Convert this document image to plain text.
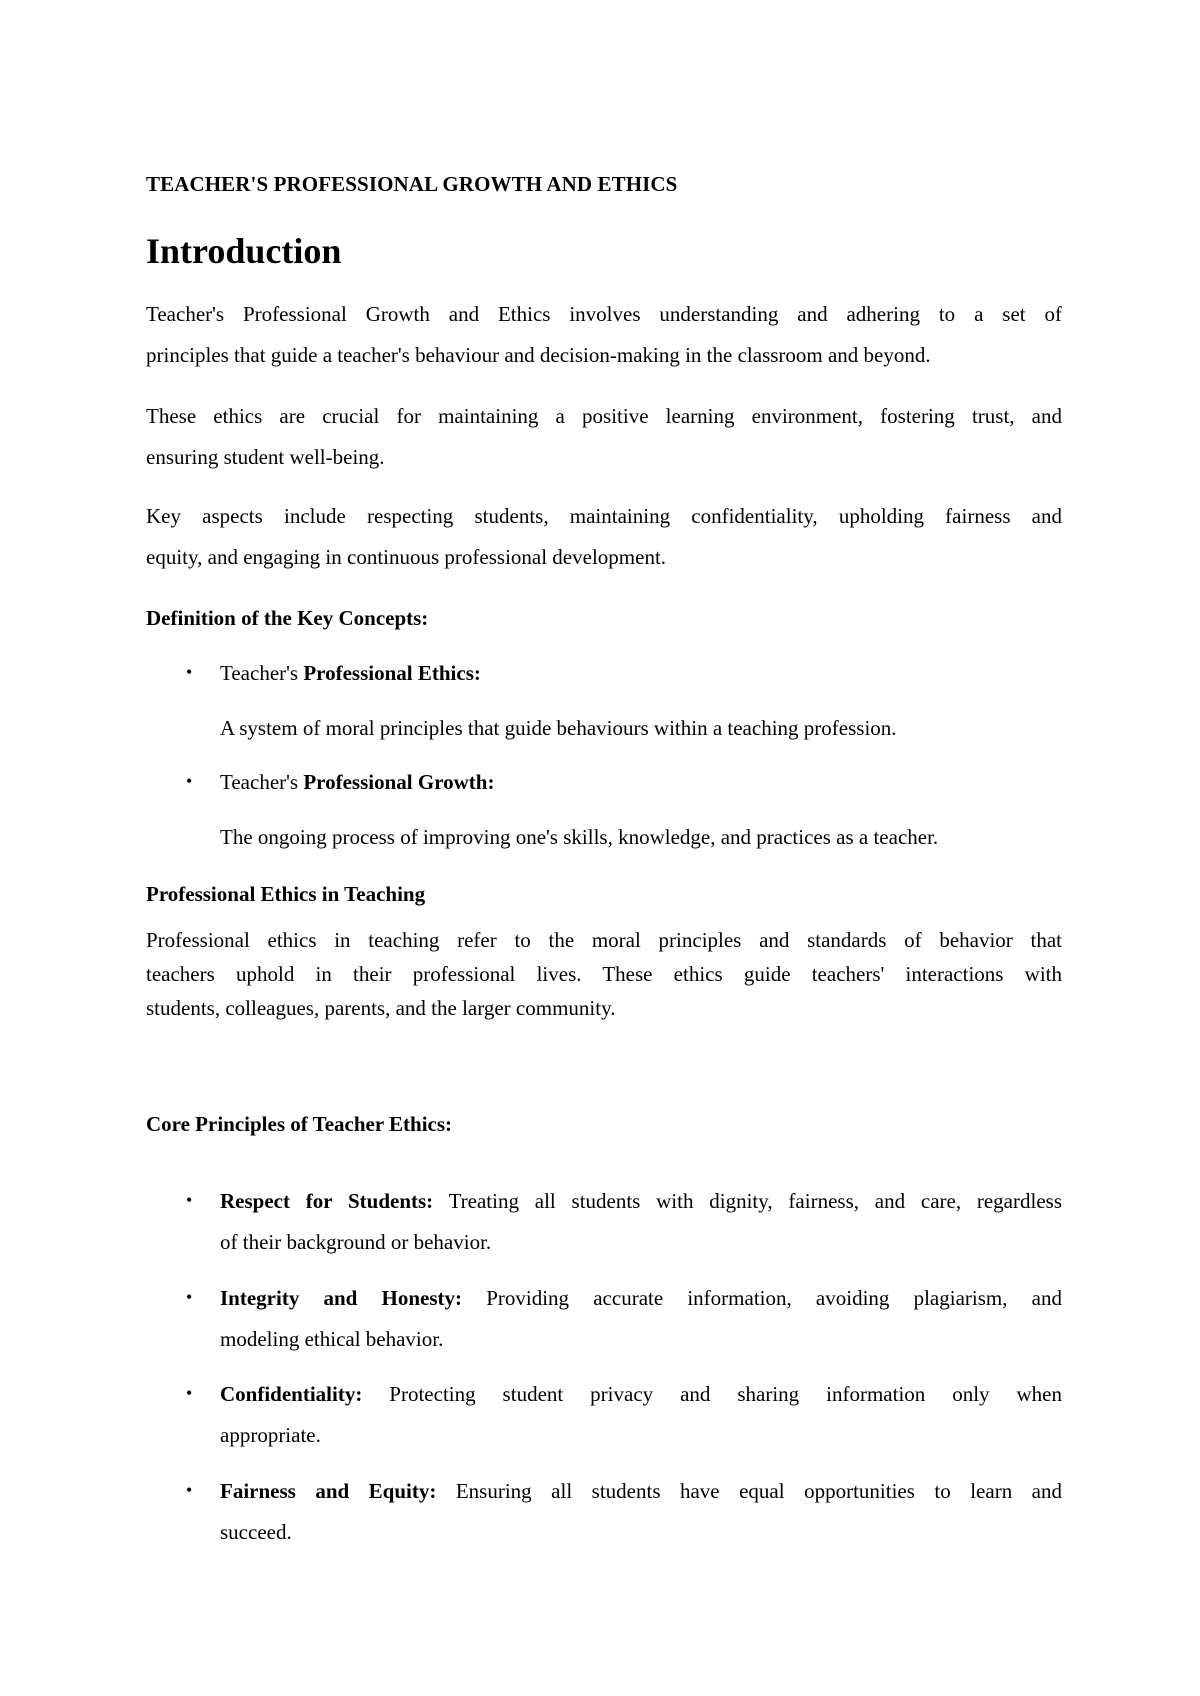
TEACHER'S PROFESSIONAL GROWTH AND ETHICS
Introduction
Teacher's Professional Growth and Ethics involves understanding and adhering to a set of
principles that guide a teacher's behaviour and decision-making in the classroom and beyond.
These ethics are crucial for maintaining a positive learning environment, fostering trust, and
ensuring student well-being.
Key aspects include respecting students, maintaining confidentiality, upholding fairness and
equity, and engaging in continuous professional development.
Definition of the Key Concepts:
• Teacher's Professional Ethics:
A system of moral principles that guide behaviours within a teaching profession.
• Teacher's Professional Growth:
The ongoing process of improving one's skills, knowledge, and practices as a teacher.
Professional Ethics in Teaching
Professional ethics in teaching refer to the moral principles and standards of behavior that
teachers uphold in their professional lives. These ethics guide teachers' interactions with
students, colleagues, parents, and the larger community.
Core Principles of Teacher Ethics:
• Respect for Students: Treating all students with dignity, fairness, and care, regardless
of their background or behavior.
• Integrity and Honesty: Providing accurate information, avoiding plagiarism, and
modeling ethical behavior.
• Confidentiality: Protecting student privacy and sharing information only when
appropriate.
• Fairness and Equity: Ensuring all students have equal opportunities to learn and
succeed.
